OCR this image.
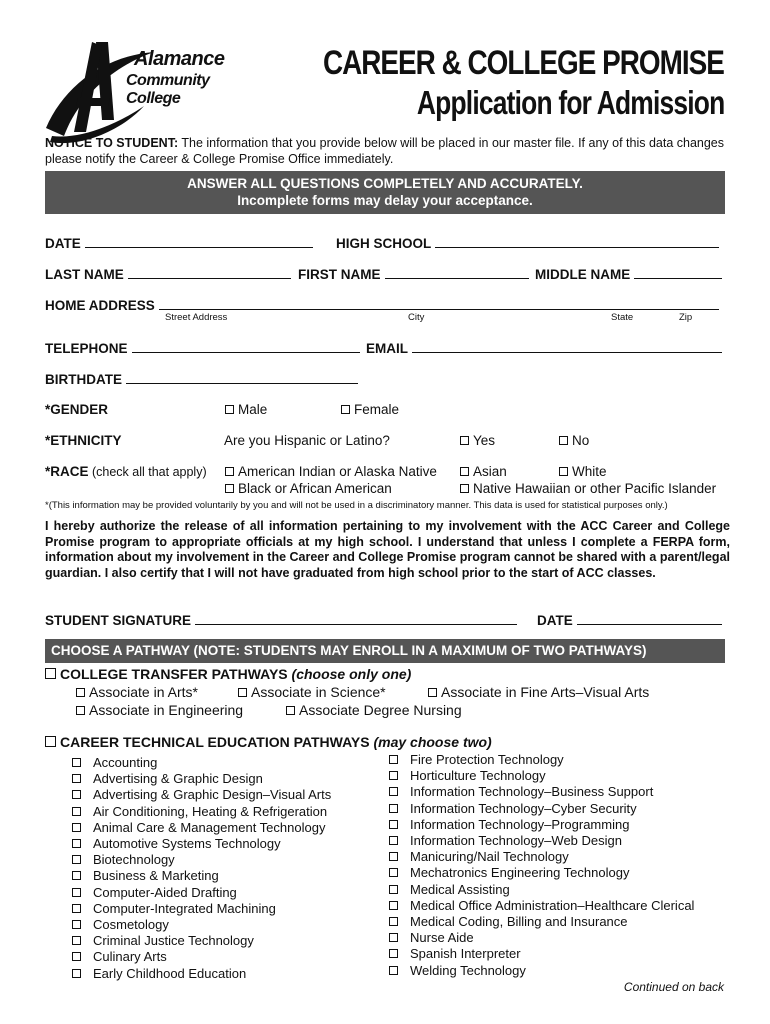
Alamance
Community College
CAREER & COLLEGE PROMISE
Application for Admission
NOTICE TO STUDENT: The information that you provide below will be placed in our master file. If any of this data changes please notify the Career & College Promise Office immediately.
ANSWER ALL QUESTIONS COMPLETELY AND ACCURATELY.
Incomplete forms may delay your acceptance.
DATE	HIGH SCHOOL
LAST NAME	FIRST NAME	MIDDLE NAME
HOME ADDRESS
Street Address	City	State	Zip
TELEPHONE	EMAIL
BIRTHDATE
*GENDER	Male	Female
*ETHNICITY	Are you Hispanic or Latino?	Yes	No
*RACE (check all that apply)	American Indian or Alaska Native	Asian	White
Black or African American	Native Hawaiian or other Pacific Islander
*(This information may be provided voluntarily by you and will not be used in a discriminatory manner. This data is used for statistical purposes only.)
I hereby authorize the release of all information pertaining to my involvement with the ACC Career and College Promise program to appropriate officials at my high school. I understand that unless I complete a FERPA form, information about my involvement in the Career and College Promise program cannot be shared with a parent/legal guardian. I also certify that I will not have graduated from high school prior to the start of ACC classes.
STUDENT SIGNATURE	DATE
CHOOSE A PATHWAY (NOTE: STUDENTS MAY ENROLL IN A MAXIMUM OF TWO PATHWAYS)
COLLEGE TRANSFER PATHWAYS (choose only one)
Associate in Arts*	Associate in Science*	Associate in Fine Arts–Visual Arts
Associate in Engineering	Associate Degree Nursing
CAREER TECHNICAL EDUCATION PATHWAYS (may choose two)
Accounting
Advertising & Graphic Design
Advertising & Graphic Design–Visual Arts
Air Conditioning, Heating & Refrigeration
Animal Care & Management Technology
Automotive Systems Technology
Biotechnology
Business & Marketing
Computer-Aided Drafting
Computer-Integrated Machining
Cosmetology
Criminal Justice Technology
Culinary Arts
Early Childhood Education
Fire Protection Technology
Horticulture Technology
Information Technology–Business Support
Information Technology–Cyber Security
Information Technology–Programming
Information Technology–Web Design
Manicuring/Nail Technology
Mechatronics Engineering Technology
Medical Assisting
Medical Office Administration–Healthcare Clerical
Medical Coding, Billing and Insurance
Nurse Aide
Spanish Interpreter
Welding Technology
Continued on back
